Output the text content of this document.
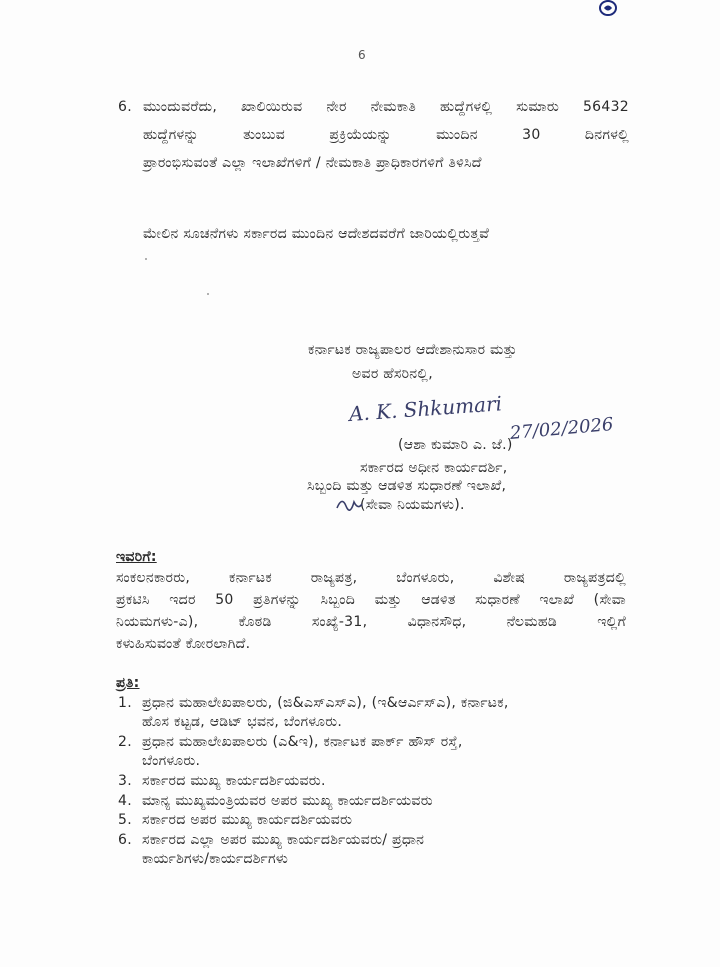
6
6. ಮುಂದುವರೆದು, ಖಾಲಿಯಿರುವ ನೇರ ನೇಮಕಾತಿ ಹುದ್ದೆಗಳಲ್ಲಿ ಸುಮಾರು 56432
ಹುದ್ದೆಗಳನ್ನು ತುಂಬುವ ಪ್ರಕ್ರಿಯೆಯನ್ನು ಮುಂದಿನ 30 ದಿನಗಳಲ್ಲಿ
ಪ್ರಾರಂಭಿಸುವಂತೆ ಎಲ್ಲಾ ಇಲಾಖೆಗಳಿಗೆ / ನೇಮಕಾತಿ ಪ್ರಾಧಿಕಾರಗಳಿಗೆ ತಿಳಿಸಿದೆ
ಮೇಲಿನ ಸೂಚನೆಗಳು ಸರ್ಕಾರದ ಮುಂದಿನ ಆದೇಶದವರೆಗೆ ಜಾರಿಯಲ್ಲಿರುತ್ತವೆ
ಕರ್ನಾಟಕ ರಾಜ್ಯಪಾಲರ ಆದೇಶಾನುಸಾರ ಮತ್ತು
ಅವರ ಹೆಸರಿನಲ್ಲಿ,
A. K. Shkumari
27/02/2026
(ಆಶಾ ಕುಮಾರಿ ಎ. ಜೆ.)
ಸರ್ಕಾರದ ಅಧೀನ ಕಾರ್ಯದರ್ಶಿ,
ಸಿಬ್ಬಂದಿ ಮತ್ತು ಆಡಳಿತ ಸುಧಾರಣೆ ಇಲಾಖೆ,
(ಸೇವಾ ನಿಯಮಗಳು).
ಇವರಿಗೆ:
ಸಂಕಲನಕಾರರು, ಕರ್ನಾಟಕ ರಾಜ್ಯಪತ್ರ, ಬೆಂಗಳೂರು, ವಿಶೇಷ ರಾಜ್ಯಪತ್ರದಲ್ಲಿ
ಪ್ರಕಟಿಸಿ ಇದರ 50 ಪ್ರತಿಗಳನ್ನು ಸಿಬ್ಬಂದಿ ಮತ್ತು ಆಡಳಿತ ಸುಧಾರಣೆ ಇಲಾಖೆ (ಸೇವಾ
ನಿಯಮಗಳು-ಎ), ಕೊಠಡಿ ಸಂಖ್ಯೆ-31, ವಿಧಾನಸೌಧ, ನೆಲಮಹಡಿ ಇಲ್ಲಿಗೆ
ಕಳುಹಿಸುವಂತೆ ಕೋರಲಾಗಿದೆ.
ಪ್ರತಿ:
1. ಪ್ರಧಾನ ಮಹಾಲೇಖಪಾಲರು, (ಜಿ&ಎಸ್ಎಸ್ಎ), (ಇ&ಆರ್ಎಸ್ಎ), ಕರ್ನಾಟಕ,
ಹೊಸ ಕಟ್ಟಡ, ಆಡಿಟ್ ಭವನ, ಬೆಂಗಳೂರು.
2. ಪ್ರಧಾನ ಮಹಾಲೇಖಪಾಲರು (ಎ&ಇ), ಕರ್ನಾಟಕ ಪಾರ್ಕ್ ಹೌಸ್ ರಸ್ತೆ,
ಬೆಂಗಳೂರು.
3. ಸರ್ಕಾರದ ಮುಖ್ಯ ಕಾರ್ಯದರ್ಶಿಯವರು.
4. ಮಾನ್ಯ ಮುಖ್ಯಮಂತ್ರಿಯವರ ಅಪರ ಮುಖ್ಯ ಕಾರ್ಯದರ್ಶಿಯವರು
5. ಸರ್ಕಾರದ ಅಪರ ಮುಖ್ಯ ಕಾರ್ಯದರ್ಶಿಯವರು
6. ಸರ್ಕಾರದ ಎಲ್ಲಾ ಅಪರ ಮುಖ್ಯ ಕಾರ್ಯದರ್ಶಿಯವರು/ ಪ್ರಧಾನ
ಕಾರ್ಯಶಿಗಳು/ಕಾರ್ಯದರ್ಶಿಗಳು
